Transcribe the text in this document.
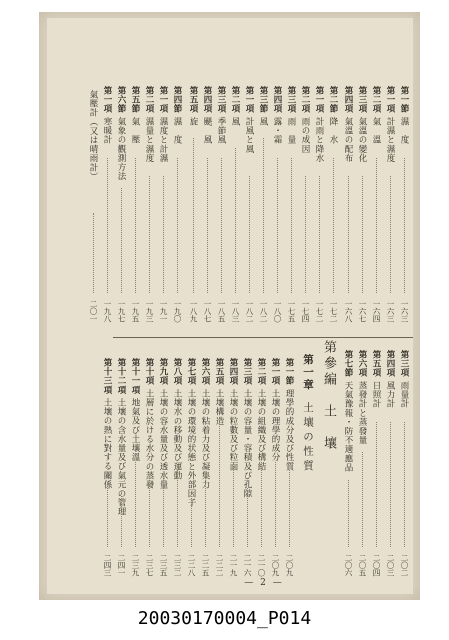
第一節濕　度
第一項計濕と濕度
第二項氣　溫
第三項氣溫の變化
第四項氣溫の配布
第二節降　水
第一項計雨と降水
第二項雨の成因
第三項雨　量
第四項露・霜
第三節風
第一項計風と風
第二項風　
第三項季節風
第四項颶　風
第五項旋　
第四節濕　度
第一項濕度と計濕
第二項濕量と濕度
第五節氣　壓
第六節氣象の觀測方法
第一項寒暖計
氣壓計（又は晴雨計）
一六三
一六三
一六四
一六七
一六八
一七二
一七二
一七四
一七五
一八〇
一八二
一八二
一八三
一八五
一八七
一八九
一九〇
一九一
一九三
一九五
一九七
一九八
二〇一
第三項雨量計
第四項風力計
第五項日照計
第六項蒸發計と蒸發量
第七節天氣豫報・防不適應品
第參編　土　壤
第一章土壤の性質
第一節理學的成分及び性質
第一項土壤の理學的成分
第二項土壤の組織及び構結
第三項土壤の容量・容積及び孔隙
第四項土壤の粒數及び粒面
第五項土壤構造
第六項土壤の粘着力及び凝集力
第七項土壤の環境的状態と外部因子
第八項土壤水の移動及び運動
第九項土壤の容水量及び透水量
第十項土層に於ける水分の蒸發
第十一項地氣及び土壤溫
第十二項土壤の含水量及び氣元の管理
第十三項土壤の熱に對する關係
二〇二
二〇三
二〇四
二〇五
二〇六
二〇九
二〇九
二一〇
二一六
二一九
二二二
二二五
二二八
二三二
二三五
二三七
二三九
二四一
二四三
— 2 —
20030170004_P014
